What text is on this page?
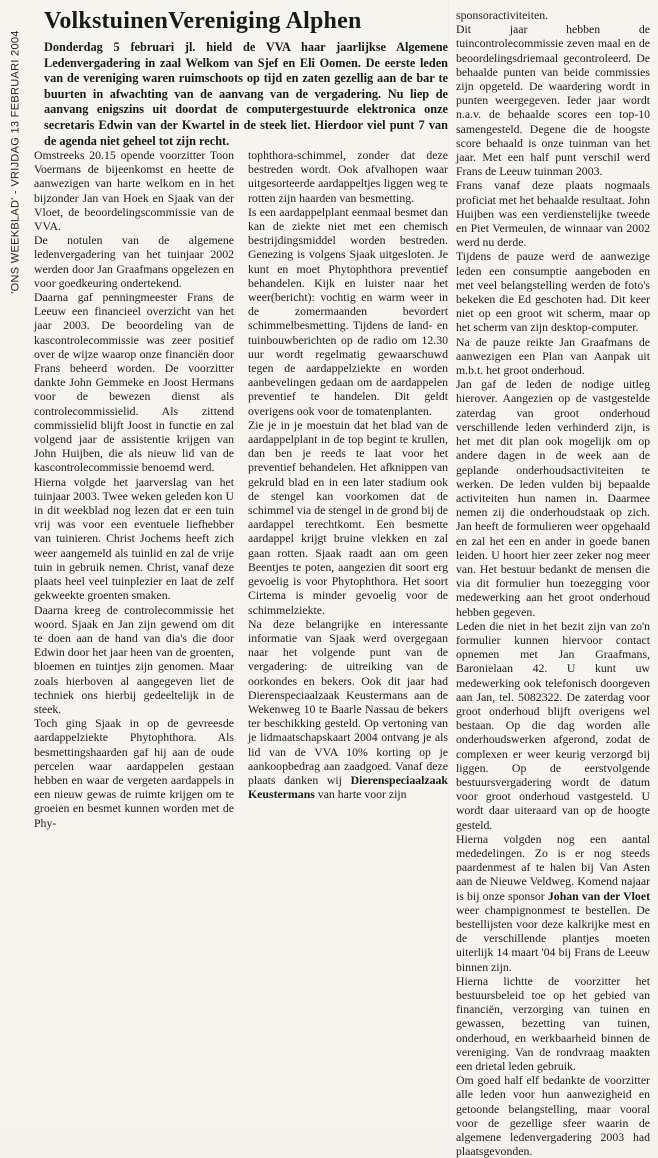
'ONS WEEKBLAD' - VRIJDAG 13 FEBRUARI 2004
VolkstuinenVereniging Alphen

Donderdag 5 februari jl. hield de VVA haar jaarlijkse Algemene Ledenvergadering in zaal Welkom van Sjef en Eli Oomen. De eerste leden van de vereniging waren ruimschoots op tijd en zaten gezellig aan de bar te buurten in afwachting van de aanvang van de vergadering. Nu liep de aanvang enigszins uit doordat de computergestuurde elektronica onze secretaris Edwin van der Kwartel in de steek liet. Hierdoor viel punt 7 van de agenda niet geheel tot zijn recht.

Omstreeks 20.15 opende voorzitter Toon Voermans de bijeenkomst en heette de aanwezigen van harte welkom en in het bijzonder Jan van Hoek en Sjaak van der Vloet, de beoordelingscommissie van de VVA.

De notulen van de algemene ledenvergadering van het tuinjaar 2002 werden door Jan Graafmans opgelezen en voor goedkeuring ondertekend.

Daarna gaf penningmeester Frans de Leeuw een financieel overzicht van het jaar 2003. De beoordeling van de kascontrolecommissie was zeer positief over de wijze waarop onze financiën door Frans beheerd worden. De voorzitter dankte John Gemmeke en Joost Hermans voor de bewezen dienst als controlecommissielid. Als zittend commissielid blijft Joost in functie en zal volgend jaar de assistentie krijgen van John Huijben, die als nieuw lid van de kascontrolecommissie benoemd werd.

Hierna volgde het jaarverslag van het tuinjaar 2003. Twee weken geleden kon U in dit weekblad nog lezen dat er een tuin vrij was voor een eventuele liefhebber van tuinieren. Christ Jochems heeft zich weer aangemeld als tuinlid en zal de vrije tuin in gebruik nemen. Christ, vanaf deze plaats heel veel tuinplezier en laat de zelf gekweekte groenten smaken.

Daarna kreeg de controlecommissie het woord. Sjaak en Jan zijn gewend om dit te doen aan de hand van dia's die door Edwin door het jaar heen van de groenten, bloemen en tuintjes zijn genomen. Maar zoals hierboven al aangegeven liet de techniek ons hierbij gedeeltelijk in de steek.

Toch ging Sjaak in op de gevreesde aardappelziekte Phytophthora. Als besmettingshaarden gaf hij aan de oude percelen waar aardappelen gestaan hebben en waar de vergeten aardappels in een nieuw gewas de ruimte krijgen om te groeien en besmet kunnen worden met de Phy-

tophthora-schimmel, zonder dat deze bestreden wordt. Ook afvalhopen waar uitgesorteerde aardappeltjes liggen weg te rotten zijn haarden van besmetting.

Is een aardappelplant eenmaal besmet dan kan de ziekte niet met een chemisch bestrijdingsmiddel worden bestreden. Genezing is volgens Sjaak uitgesloten. Je kunt en moet Phytophthora preventief behandelen. Kijk en luister naar het weer(bericht): vochtig en warm weer in de zomermaanden bevordert schimmelbesmetting. Tijdens de land- en tuinbouwberichten op de radio om 12.30 uur wordt regelmatig gewaarschuwd tegen de aardappelziekte en worden aanbevelingen gedaan om de aardappelen preventief te handelen. Dit geldt overigens ook voor de tomatenplanten.

Zie je in je moestuin dat het blad van de aardappelplant in de top begint te krullen, dan ben je reeds te laat voor het preventief behandelen. Het afknippen van gekruld blad en in een later stadium ook de stengel kan voorkomen dat de schimmel via de stengel in de grond bij de aardappel terechtkomt. Een besmette aardappel krijgt bruine vlekken en zal gaan rotten. Sjaak raadt aan om geen Beentjes te poten, aangezien dit soort erg gevoelig is voor Phytophthora. Het soort Cirtema is minder gevoelig voor de schimmelziekte.

Na deze belangrijke en interessante informatie van Sjaak werd overgegaan naar het volgende punt van de vergadering: de uitreiking van de oorkondes en bekers. Ook dit jaar had Dierenspeciaalzaak Keustermans aan de Wekenweg 10 te Baarle Nassau de bekers ter beschikking gesteld. Op vertoning van je lidmaatschapskaart 2004 ontvang je als lid van de VVA 10% korting op je aankoopbedrag aan zaadgoed. Vanaf deze plaats danken wij Dierenspeciaalzaak Keustermans van harte voor zijn

sponsoractiviteiten.

Dit jaar hebben de tuincontrolecommissie zeven maal en de beoordelingsdriemaal gecontroleerd. De behaalde punten van beide commissies zijn opgeteld. De waardering wordt in punten weergegeven. Ieder jaar wordt n.a.v. de behaalde scores een top-10 samengesteld. Degene die de hoogste score behaald is onze tuinman van het jaar. Met een half punt verschil werd Frans de Leeuw tuinman 2003.

Frans vanaf deze plaats nogmaals proficiat met het behaalde resultaat. John Huijben was een verdienstelijke tweede en Piet Vermeulen, de winnaar van 2002 werd nu derde.

Tijdens de pauze werd de aanwezige leden een consumptie aangeboden en met veel belangstelling werden de foto's bekeken die Ed geschoten had. Dit keer niet op een groot wit scherm, maar op het scherm van zijn desktop-computer.

Na de pauze reikte Jan Graafmans de aanwezigen een Plan van Aanpak uit m.b.t. het groot onderhoud.

Jan gaf de leden de nodige uitleg hierover. Aangezien op de vastgestelde zaterdag van groot onderhoud verschillende leden verhinderd zijn, is het met dit plan ook mogelijk om op andere dagen in de week aan de geplande onderhoudsactiviteiten te werken. De leden vulden bij bepaalde activiteiten hun namen in. Daarmee nemen zij die onderhoudstaak op zich. Jan heeft de formulieren weer opgehaald en zal het een en ander in goede banen leiden. U hoort hier zeer zeker nog meer van. Het bestuur bedankt de mensen die via dit formulier hun toezegging voor medewerking aan het groot onderhoud hebben gegeven.

Leden die niet in het bezit zijn van zo'n formulier kunnen hiervoor contact opnemen met Jan Graafmans, Baronielaan 42. U kunt uw medewerking ook telefonisch doorgeven aan Jan, tel. 5082322. De zaterdag voor groot onderhoud blijft overigens wel bestaan. Op die dag worden alle onderhoudswerken afgerond, zodat de complexen er weer keurig verzorgd bij liggen. Op de eerstvolgende bestuursvergadering wordt de datum voor groot onderhoud vastgesteld. U wordt daar uiteraard van op de hoogte gesteld.

Hierna volgden nog een aantal mededelingen. Zo is er nog steeds paardenmest af te halen bij Van Asten aan de Nieuwe Veldweg. Komend najaar is bij onze sponsor Johan van der Vloet weer champignonmest te bestellen. De bestellijsten voor deze kalkrijke mest en de verschillende plantjes moeten uiterlijk 14 maart '04 bij Frans de Leeuw binnen zijn.

Hierna lichtte de voorzitter het bestuursbeleid toe op het gebied van financiën, verzorging van tuinen en gewassen, bezetting van tuinen, onderhoud, en werkbaarheid binnen de vereniging. Van de rondvraag maakten een drietal leden gebruik.

Om goed half elf bedankte de voorzitter alle leden voor hun aanwezigheid en getoonde belangstelling, maar vooral voor de gezellige sfeer waarin de algemene ledenvergadering 2003 had plaatsgevonden.
